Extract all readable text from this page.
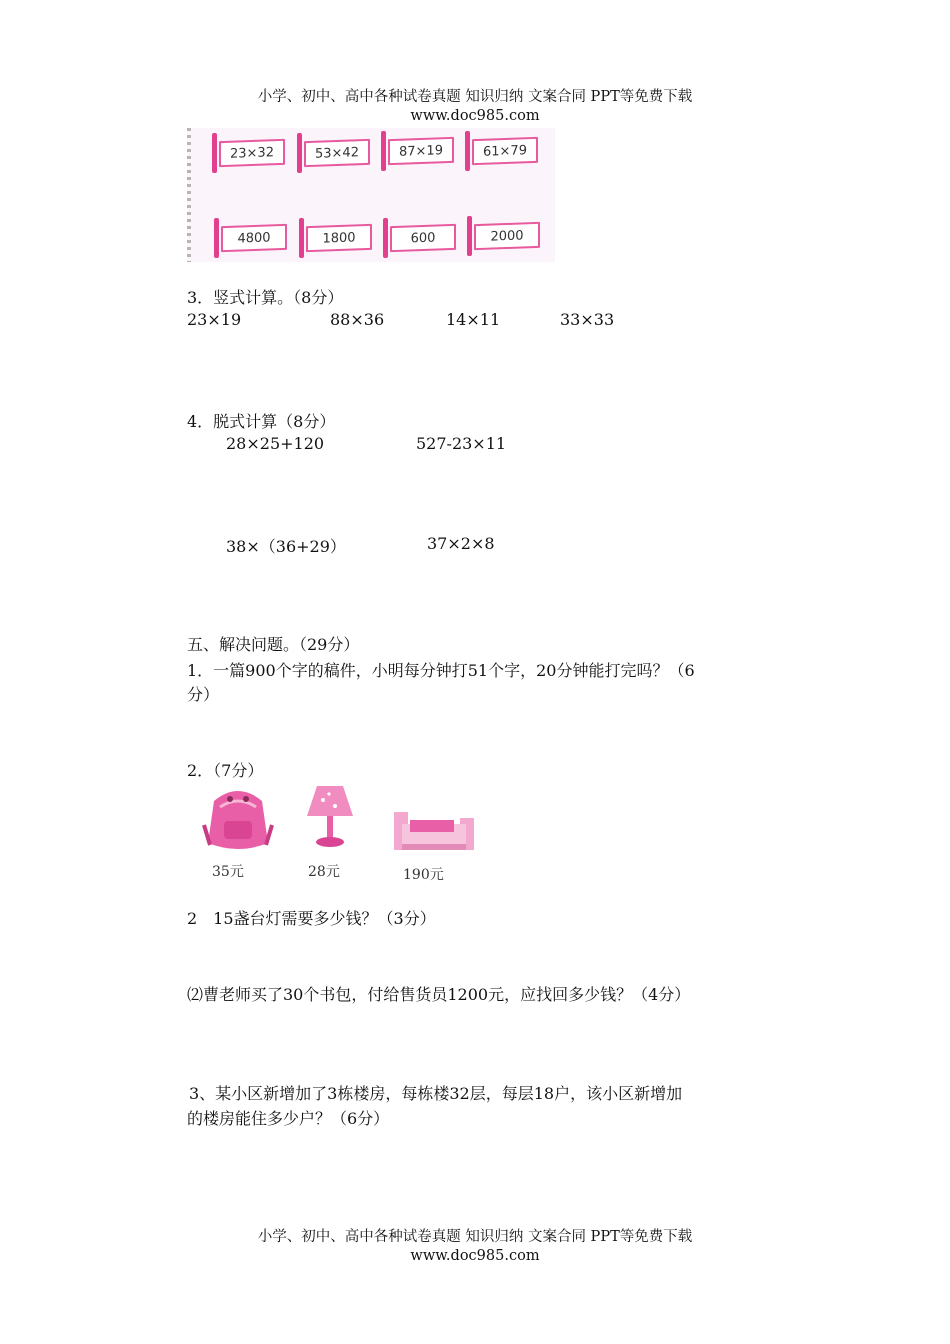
小学、初中、高中各种试卷真题 知识归纳 文案合同 PPT等免费下载
www.doc985.com
23×32	53×42	87×19	61×79
4800	1800	600	2000
3．竖式计算。（8分）
23×19	88×36	14×11	33×33
4．脱式计算（8分）
28×25+120	527-23×11
38×（36+29）	37×2×8
五、解决问题。（29分）
1．一篇900个字的稿件，小明每分钟打51个字，20分钟能打完吗？（6
分）
2．（7分）
35元	28元	190元
2　15盏台灯需要多少钱？（3分）
⑵曹老师买了30个书包，付给售货员1200元，应找回多少钱？（4分）
3、某小区新增加了3栋楼房，每栋楼32层，每层18户，该小区新增加
的楼房能住多少户？（6分）
小学、初中、高中各种试卷真题 知识归纳 文案合同 PPT等免费下载
www.doc985.com
